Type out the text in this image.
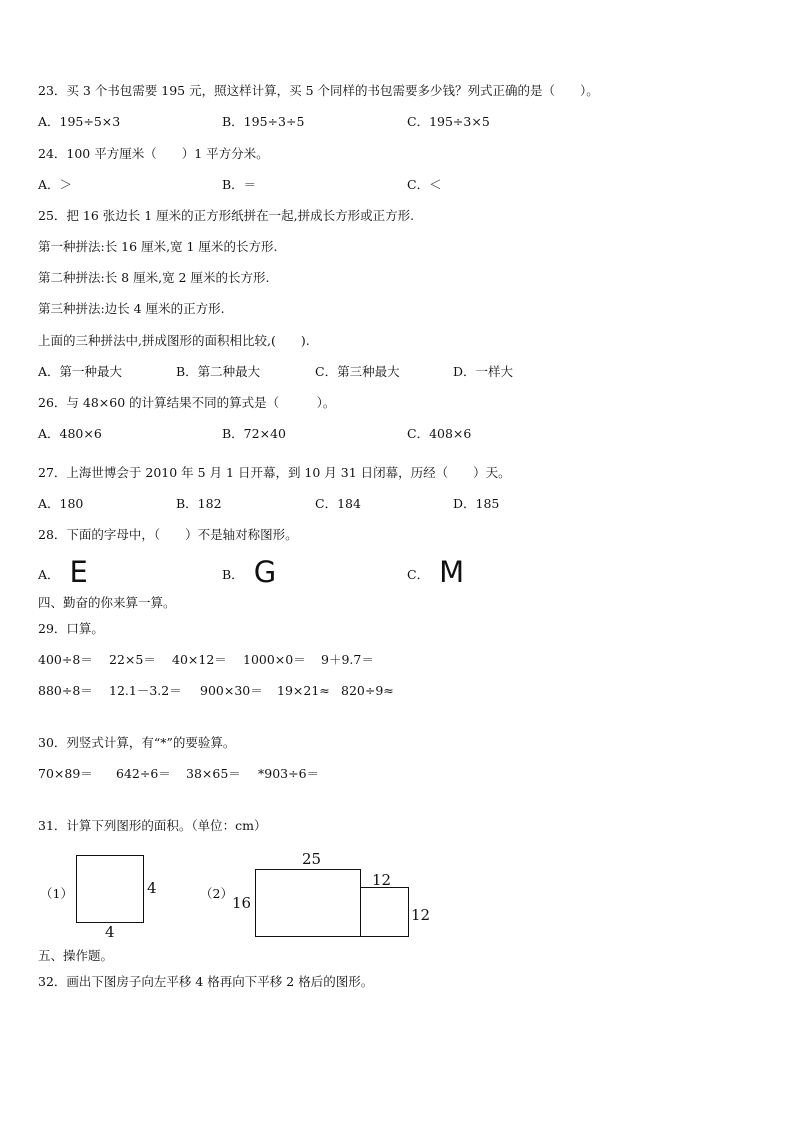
23．买 3 个书包需要 195 元，照这样计算，买 5 个同样的书包需要多少钱？列式正确的是（　　）。
A．195÷5×3	B．195÷3÷5	C．195÷3×5
24．100 平方厘米（　　）1 平方分米。
A．＞	B．＝	C．＜
25．把 16 张边长 1 厘米的正方形纸拼在一起,拼成长方形或正方形.
第一种拼法:长 16 厘米,宽 1 厘米的长方形.
第二种拼法:长 8 厘米,宽 2 厘米的长方形.
第三种拼法:边长 4 厘米的正方形.
上面的三种拼法中,拼成图形的面积相比较,(　　).
A．第一种最大	B．第二种最大	C．第三种最大	D．一样大
26．与 48×60 的计算结果不同的算式是（　　　）。
A．480×6	B．72×40	C．408×6
27．上海世博会于 2010 年 5 月 1 日开幕，到 10 月 31 日闭幕，历经（　　）天。
A．180	B．182	C．184	D．185
28．下面的字母中，（　　）不是轴对称图形。
A． E	B． G	C． M
四、勤奋的你来算一算。
29．口算。
400÷8＝ 22×5＝ 40×12＝ 1000×0＝ 9＋9.7＝
880÷8＝ 12.1－3.2＝ 900×30＝ 19×21≈ 820÷9≈
30．列竖式计算，有“*”的要验算。
70×89＝ 642÷6＝ 38×65＝ *903÷6＝
31．计算下列图形的面积。（单位：cm）
（1）	4
4
（2）
25
16
12
12
五、操作题。
32．画出下图房子向左平移 4 格再向下平移 2 格后的图形。
